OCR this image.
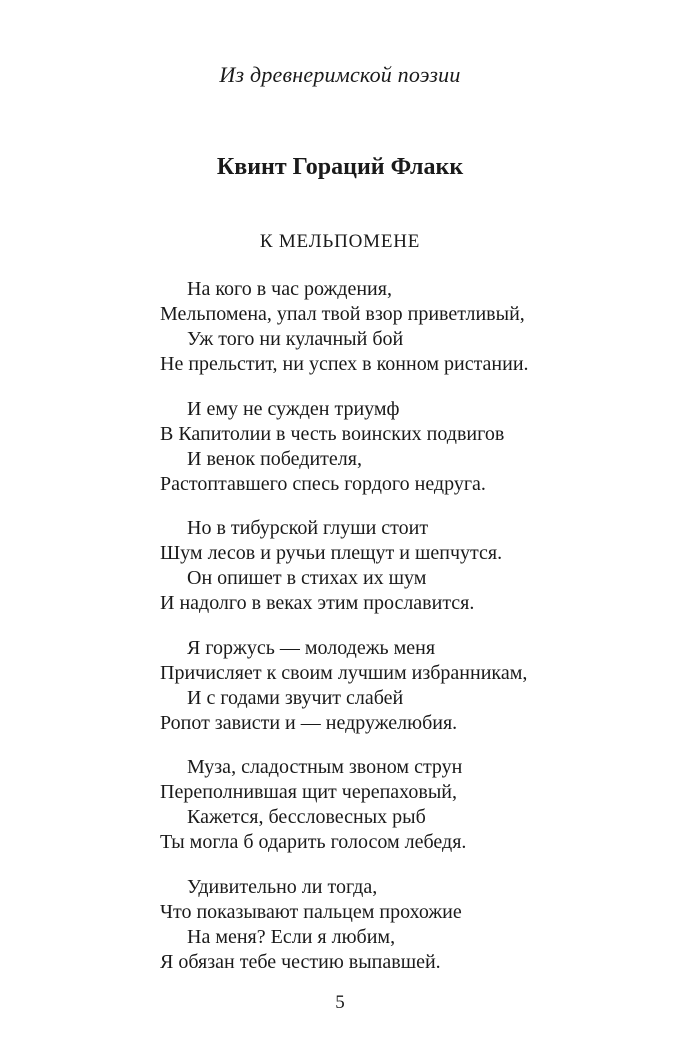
Из древнеримской поэзии
Квинт Гораций Флакк
К МЕЛЬПОМЕНЕ
На кого в час рождения,
Мельпомена, упал твой взор приветливый,
Уж того ни кулачный бой
Не прельстит, ни успех в конном ристании.
И ему не сужден триумф
В Капитолии в честь воинских подвигов
И венок победителя,
Растоптавшего спесь гордого недруга.
Но в тибурской глуши стоит
Шум лесов и ручьи плещут и шепчутся.
Он опишет в стихах их шум
И надолго в веках этим прославится.
Я горжусь — молодежь меня
Причисляет к своим лучшим избранникам,
И с годами звучит слабей
Ропот зависти и — недружелюбия.
Муза, сладостным звоном струн
Переполнившая щит черепаховый,
Кажется, бессловесных рыб
Ты могла б одарить голосом лебедя.
Удивительно ли тогда,
Что показывают пальцем прохожие
На меня? Если я любим,
Я обязан тебе честию выпавшей.
5
